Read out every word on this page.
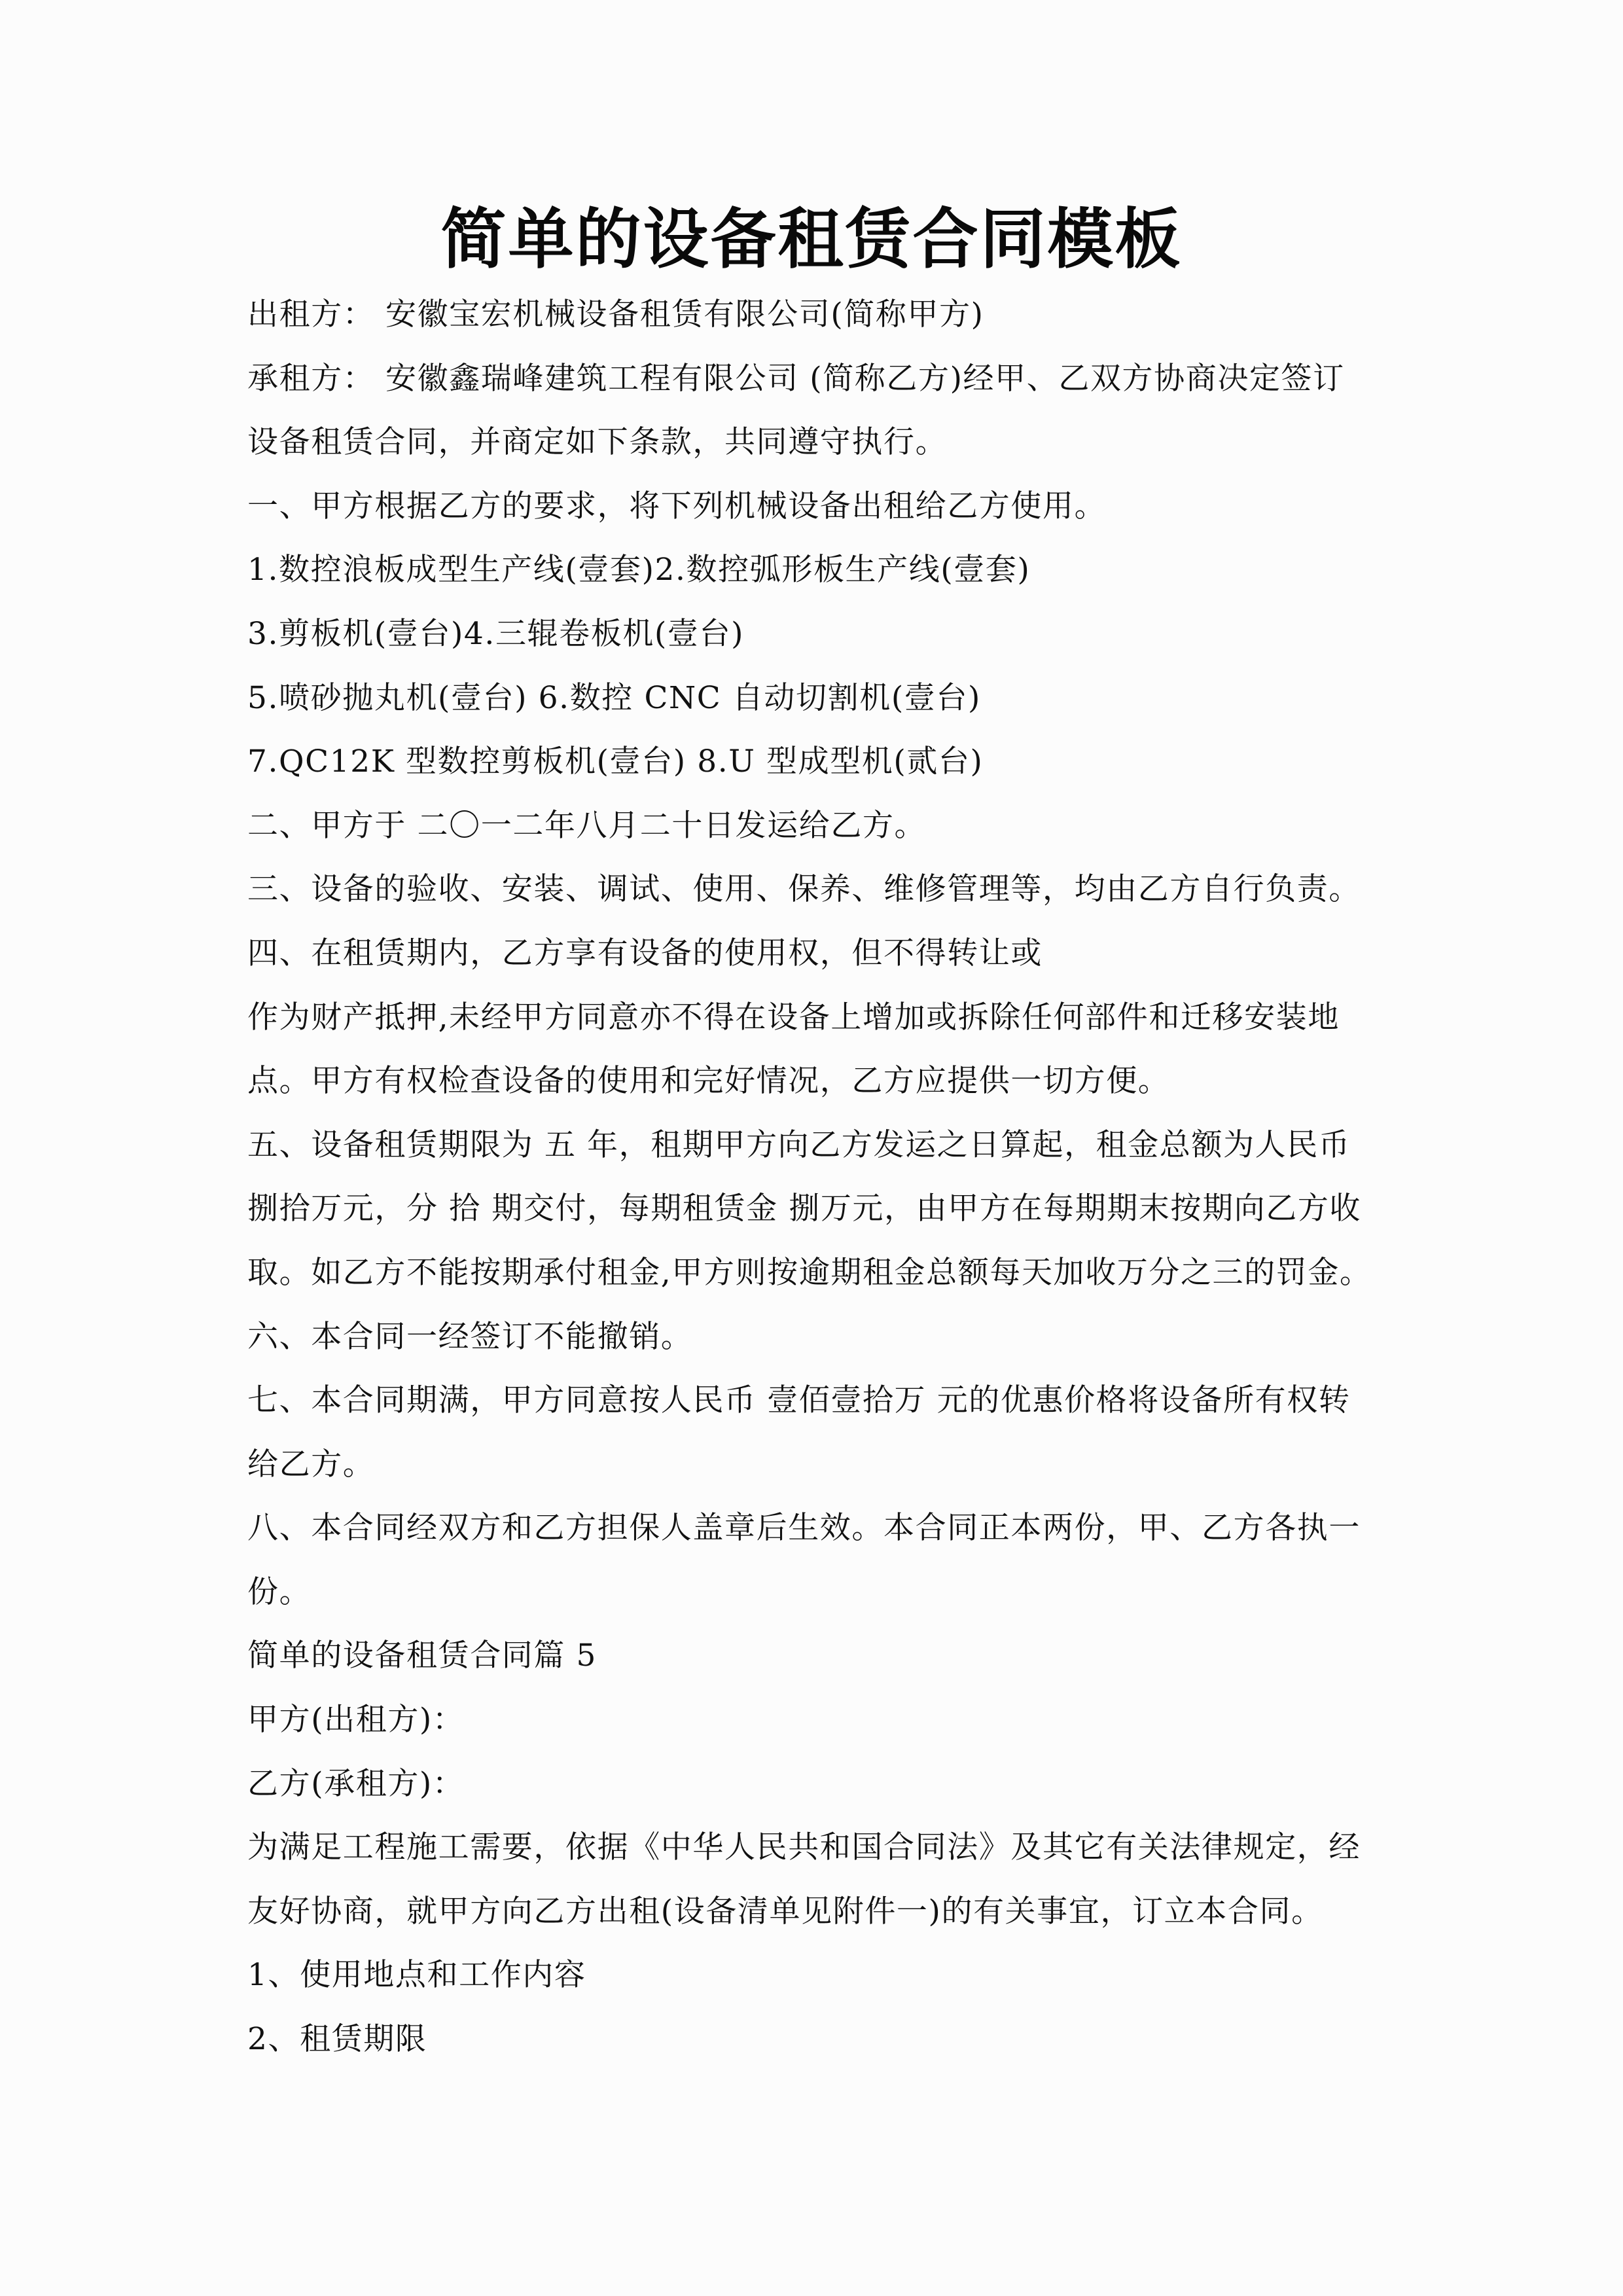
简单的设备租赁合同模板
出租方： 安徽宝宏机械设备租赁有限公司(简称甲方)
承租方： 安徽鑫瑞峰建筑工程有限公司 (简称乙方)经甲、乙双方协商决定签订
设备租赁合同，并商定如下条款，共同遵守执行。
一、甲方根据乙方的要求，将下列机械设备出租给乙方使用。
1.数控浪板成型生产线(壹套)2.数控弧形板生产线(壹套)
3.剪板机(壹台)4.三辊卷板机(壹台)
5.喷砂抛丸机(壹台) 6.数控 CNC 自动切割机(壹台)
7.QC12K 型数控剪板机(壹台) 8.U 型成型机(贰台)
二、甲方于 二〇一二年八月二十日发运给乙方。
三、设备的验收、安装、调试、使用、保养、维修管理等，均由乙方自行负责。
四、在租赁期内，乙方享有设备的使用权，但不得转让或
作为财产抵押,未经甲方同意亦不得在设备上增加或拆除任何部件和迁移安装地
点。甲方有权检查设备的使用和完好情况，乙方应提供一切方便。
五、设备租赁期限为 五 年，租期甲方向乙方发运之日算起，租金总额为人民币
捌拾万元，分 拾 期交付，每期租赁金 捌万元，由甲方在每期期末按期向乙方收
取。如乙方不能按期承付租金,甲方则按逾期租金总额每天加收万分之三的罚金。
六、本合同一经签订不能撤销。
七、本合同期满，甲方同意按人民币 壹佰壹拾万 元的优惠价格将设备所有权转
给乙方。
八、本合同经双方和乙方担保人盖章后生效。本合同正本两份，甲、乙方各执一
份。
简单的设备租赁合同篇 5
甲方(出租方)：
乙方(承租方)：
为满足工程施工需要，依据《中华人民共和国合同法》及其它有关法律规定，经
友好协商，就甲方向乙方出租(设备清单见附件一)的有关事宜，订立本合同。
1、使用地点和工作内容
2、租赁期限
